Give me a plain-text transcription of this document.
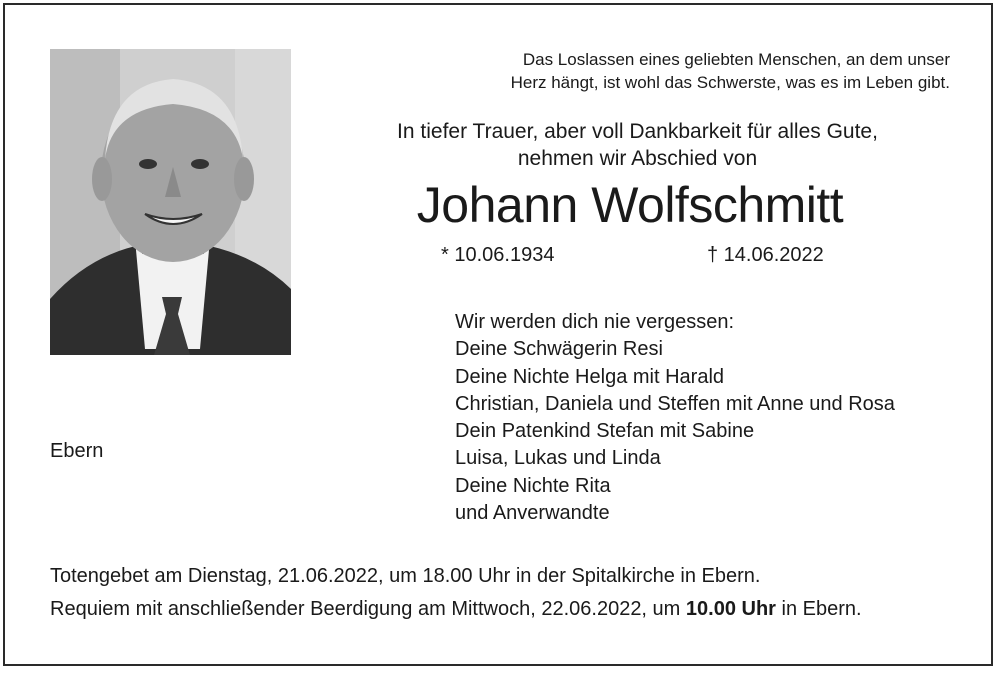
Das Loslassen eines geliebten Menschen, an dem unser
Herz hängt, ist wohl das Schwerste, was es im Leben gibt.
In tiefer Trauer, aber voll Dankbarkeit für alles Gute,
nehmen wir Abschied von
Johann Wolfschmitt
* 10.06.1934	† 14.06.2022
Wir werden dich nie vergessen:
Deine Schwägerin Resi
Deine Nichte Helga mit Harald
Christian, Daniela und Steffen mit Anne und Rosa
Dein Patenkind Stefan mit Sabine
Luisa, Lukas und Linda
Deine Nichte Rita
und Anverwandte
Ebern
Totengebet am Dienstag, 21.06.2022, um 18.00 Uhr in der Spitalkirche in Ebern.
Requiem mit anschließender Beerdigung am Mittwoch, 22.06.2022, um 10.00 Uhr in Ebern.
